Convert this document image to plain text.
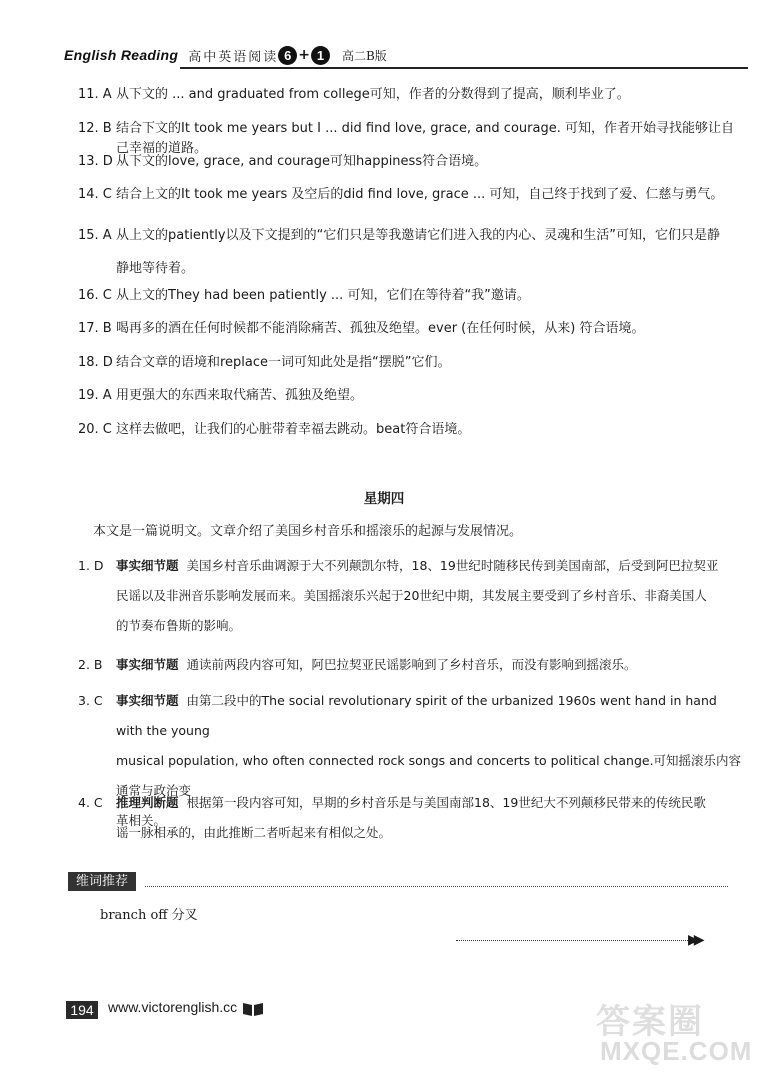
English Reading 高中英语阅读 6 + 1	高二B版
11. A 从下文的 ... and graduated from college可知，作者的分数得到了提高，顺利毕业了。
12. B 结合下文的It took me years but I ... did find love, grace, and courage. 可知，作者开始寻找能够让自己幸福的道路。
13. D 从下文的love, grace, and courage可知happiness符合语境。
14. C 结合上文的It took me years 及空后的did find love, grace ... 可知，自己终于找到了爱、仁慈与勇气。
15. A 从上文的patiently以及下文提到的“它们只是等我邀请它们进入我的内心、灵魂和生活”可知，它们只是静
静地等待着。
16. C 从上文的They had been patiently ... 可知，它们在等待着“我”邀请。
17. B 喝再多的酒在任何时候都不能消除痛苦、孤独及绝望。ever (在任何时候，从来) 符合语境。
18. D 结合文章的语境和replace一词可知此处是指“摆脱”它们。
19. A 用更强大的东西来取代痛苦、孤独及绝望。
20. C 这样去做吧，让我们的心脏带着幸福去跳动。beat符合语境。
星期四
本文是一篇说明文。文章介绍了美国乡村音乐和摇滚乐的起源与发展情况。
1. D 事实细节题 美国乡村音乐曲调源于大不列颠凯尔特，18、19世纪时随移民传到美国南部，后受到阿巴拉契亚
民谣以及非洲音乐影响发展而来。美国摇滚乐兴起于20世纪中期，其发展主要受到了乡村音乐、非裔美国人
的节奏布鲁斯的影响。
2. B	事实细节题 通读前两段内容可知，阿巴拉契亚民谣影响到了乡村音乐，而没有影响到摇滚乐。
3. C	事实细节题 由第二段中的The social revolutionary spirit of the urbanized 1960s went hand in hand with the young
musical population, who often connected rock songs and concerts to political change.可知摇滚乐内容通常与政治变
革相关。
4. C	推理判断题 根据第一段内容可知，早期的乡村音乐是与美国南部18、19世纪大不列颠移民带来的传统民歌
谣一脉相承的，由此推断二者听起来有相似之处。
维词推荐
branch off 分叉
▶▶
194	www.victorenglish.cc	答案圈
MXQE.COM
